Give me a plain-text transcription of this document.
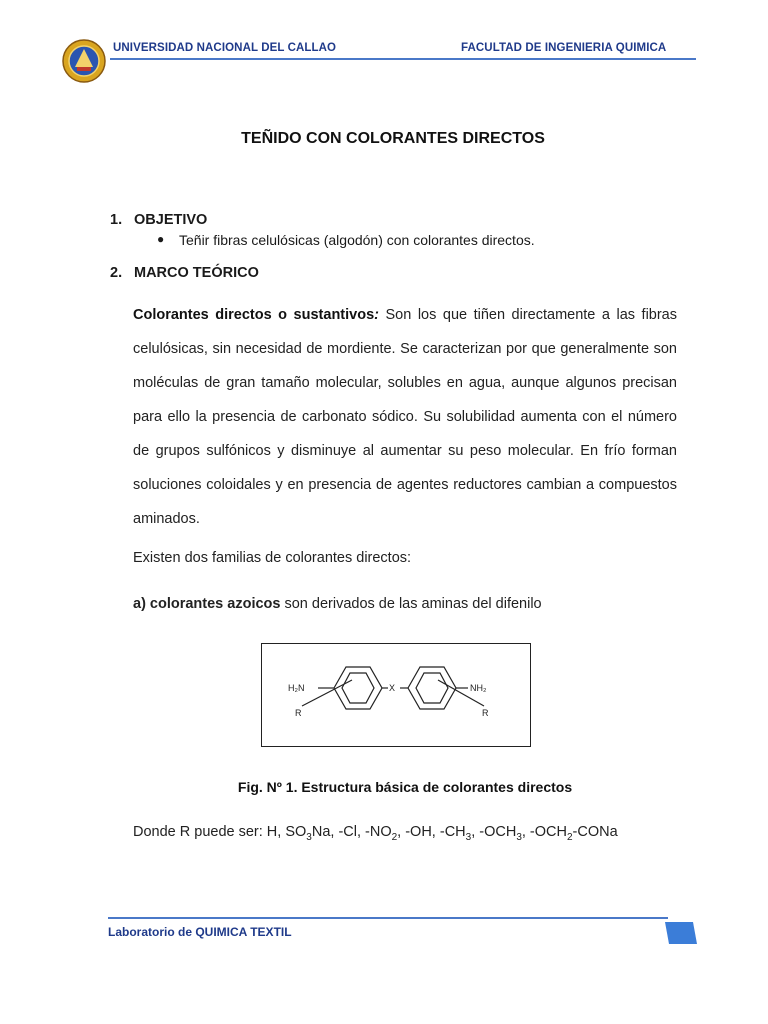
UNIVERSIDAD NACIONAL DEL CALLAO	FACULTAD DE INGENIERIA QUIMICA
TEÑIDO CON COLORANTES DIRECTOS
1. OBJETIVO
● Teñir fibras celulósicas (algodón) con colorantes directos.
2. MARCO TEÓRICO
Colorantes directos o sustantivos: Son los que tiñen directamente a las fibras celulósicas, sin necesidad de mordiente. Se caracterizan por que generalmente son moléculas de gran tamaño molecular, solubles en agua, aunque algunos precisan para ello la presencia de carbonato sódico. Su solubilidad aumenta con el número de grupos sulfónicos y disminuye al aumentar su peso molecular. En frío forman soluciones coloidales y en presencia de agentes reductores cambian a compuestos aminados.
Existen dos familias de colorantes directos:
a) colorantes azoicos son derivados de las aminas del difenilo
H₂N	X	NH₂
R	R
Fig. Nº 1. Estructura básica de colorantes directos
Donde R puede ser: H, $SO_3Na$, -Cl, $-NO_2$, -OH, $-CH_3$, $-OCH_3$, $-OCH_2$-CONa
Laboratorio de QUIMICA TEXTIL
